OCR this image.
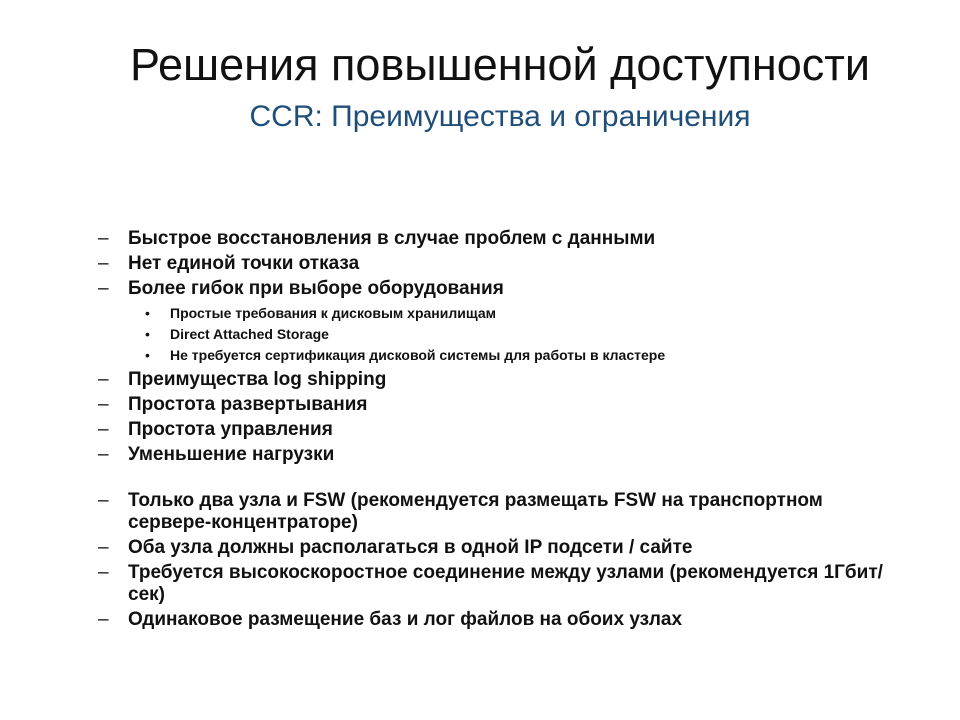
Решения повышенной доступности
CCR: Преимущества и ограничения
– Быстрое восстановления в случае проблем с данными
– Нет единой точки отказа
– Более гибок при выборе оборудования
• Простые требования к дисковым хранилищам
• Direct Attached Storage
• Не требуется сертификация дисковой системы для работы в кластере
– Преимущества log shipping
– Простота развертывания
– Простота управления
– Уменьшение нагрузки
– Только два узла и FSW (рекомендуется размещать FSW на транспортном сервере-концентраторе)
– Оба узла должны располагаться в одной IP подсети / сайте
– Требуется высокоскоростное соединение между узлами (рекомендуется 1Гбит/сек)
– Одинаковое размещение баз и лог файлов на обоих узлах
